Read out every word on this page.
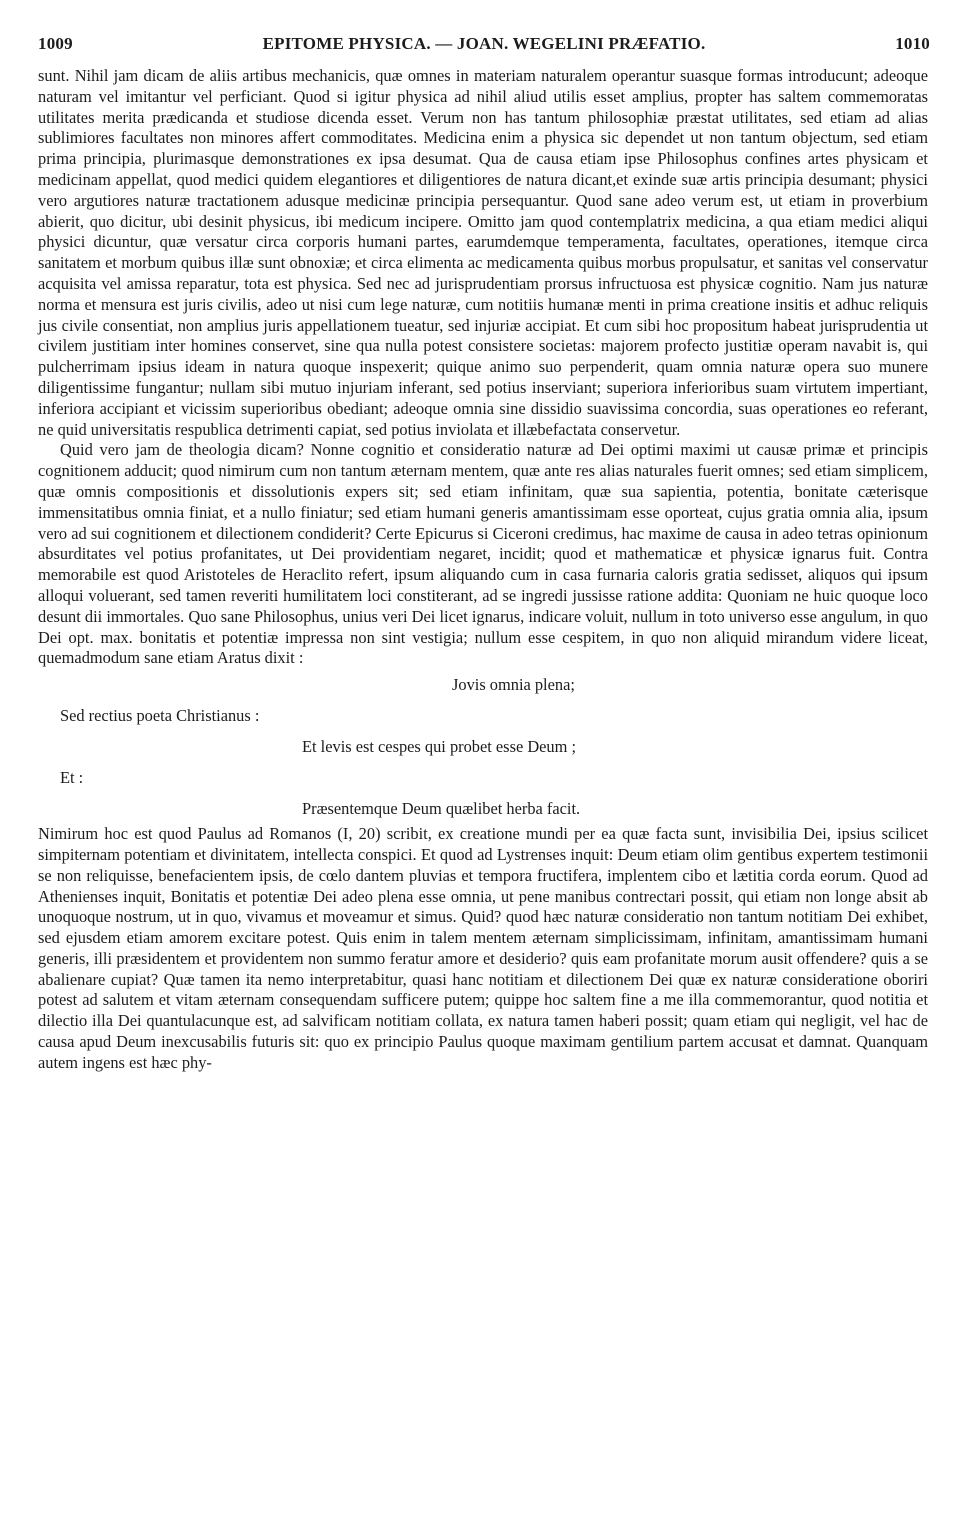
1009	EPITOME PHYSICA. — JOAN. WEGELINI PRÆFATIO.	1010

sunt. Nihil jam dicam de aliis artibus mechanicis, quæ omnes in materiam naturalem operantur suasque formas introducunt; adeoque naturam vel imitantur vel perficiant. Quod si igitur physica ad nihil aliud utilis esset amplius, propter has saltem commemoratas utilitates merita prædicanda et studiose dicenda esset. Verum non has tantum philosophiæ præstat utilitates, sed etiam ad alias sublimiores facultates non minores affert commoditates. Medicina enim a physica sic dependet ut non tantum objectum, sed etiam prima principia, plurimasque demonstrationes ex ipsa desumat. Qua de causa etiam ipse Philosophus confines artes physicam et medicinam appellat, quod medici quidem elegantiores et diligentiores de natura dicant,et exinde suæ artis principia desumant; physici vero argutiores naturæ tractationem adusque medicinæ principia persequantur. Quod sane adeo verum est, ut etiam in proverbium abierit, quo dicitur, ubi desinit physicus, ibi medicum incipere. Omitto jam quod contemplatrix medicina, a qua etiam medici aliqui physici dicuntur, quæ versatur circa corporis humani partes, earumdemque temperamenta, facultates, operationes, itemque circa sanitatem et morbum quibus illæ sunt obnoxiæ; et circa elimenta ac medicamenta quibus morbus propulsatur, et sanitas vel conservatur acquisita vel amissa reparatur, tota est physica. Sed nec ad jurisprudentiam prorsus infructuosa est physicæ cognitio. Nam jus naturæ norma et mensura est juris civilis, adeo ut nisi cum lege naturæ, cum notitiis humanæ menti in prima creatione insitis et adhuc reliquis jus civile consentiat, non amplius juris appellationem tueatur, sed injuriæ accipiat. Et cum sibi hoc propositum habeat jurisprudentia ut civilem justitiam inter homines conservet, sine qua nulla potest consistere societas: majorem profecto justitiæ operam navabit is, qui pulcherrimam ipsius ideam in natura quoque inspexerit; quique animo suo perpenderit, quam omnia naturæ opera suo munere diligentissime fungantur; nullam sibi mutuo injuriam inferant, sed potius inserviant; superiora inferioribus suam virtutem impertiant, inferiora accipiant et vicissim superioribus obediant; adeoque omnia sine dissidio suavissima concordia, suas operationes eo referant, ne quid universitatis respublica detrimenti capiat, sed potius inviolata et illæbefactata conservetur.

Quid vero jam de theologia dicam? Nonne cognitio et consideratio naturæ ad Dei optimi maximi ut causæ primæ et principis cognitionem adducit; quod nimirum cum non tantum æternam mentem, quæ ante res alias naturales fuerit omnes; sed etiam simplicem, quæ omnis compositionis et dissolutionis expers sit; sed etiam infinitam, quæ sua sapientia, potentia, bonitate cæterisque immensitatibus omnia finiat, et a nullo finiatur; sed etiam humani generis amantissimam esse oporteat, cujus gratia omnia alia, ipsum vero ad sui cognitionem et dilectionem condiderit? Certe Epicurus si Ciceroni credimus, hac maxime de causa in adeo tetras opinionum absurditates vel potius profanitates, ut Dei providentiam negaret, incidit; quod et mathematicæ et physicæ ignarus fuit. Contra memorabile est quod Aristoteles de Heraclito refert, ipsum aliquando cum in casa furnaria caloris gratia sedisset, aliquos qui ipsum alloqui voluerant, sed tamen reveriti humilitatem loci constiterant, ad se ingredi jussisse ratione addita: Quoniam ne huic quoque loco desunt dii immortales. Quo sane Philosophus, unius veri Dei licet ignarus, indicare voluit, nullum in toto universo esse angulum, in quo Dei opt. max. bonitatis et potentiæ impressa non sint vestigia; nullum esse cespitem, in quo non aliquid mirandum videre liceat, quemadmodum sane etiam Aratus dixit :

Jovis omnia plena;

Sed rectius poeta Christianus :

Et levis est cespes qui probet esse Deum ;

Et :

Præsentemque Deum quælibet herba facit.

Nimirum hoc est quod Paulus ad Romanos (I, 20) scribit, ex creatione mundi per ea quæ facta sunt, invisibilia Dei, ipsius scilicet simpiternam potentiam et divinitatem, intellecta conspici. Et quod ad Lystrenses inquit: Deum etiam olim gentibus expertem testimonii se non reliquisse, benefacientem ipsis, de cœlo dantem pluvias et tempora fructifera, implentem cibo et lætitia corda eorum. Quod ad Athenienses inquit, Bonitatis et potentiæ Dei adeo plena esse omnia, ut pene manibus contrectari possit, qui etiam non longe absit ab unoquoque nostrum, ut in quo, vivamus et moveamur et simus. Quid? quod hæc naturæ consideratio non tantum notitiam Dei exhibet, sed ejusdem etiam amorem excitare potest. Quis enim in talem mentem æternam simplicissimam, infinitam, amantissimam humani generis, illi præsidentem et providentem non summo feratur amore et desiderio? quis eam profanitate morum ausit offendere? quis a se abalienare cupiat? Quæ tamen ita nemo interpretabitur, quasi hanc notitiam et dilectionem Dei quæ ex naturæ consideratione oboriri potest ad salutem et vitam æternam consequendam sufficere putem; quippe hoc saltem fine a me illa commemorantur, quod notitia et dilectio illa Dei quantulacunque est, ad salvificam notitiam collata, ex natura tamen haberi possit; quam etiam qui negligit, vel hac de causa apud Deum inexcusabilis futuris sit: quo ex principio Paulus quoque maximam gentilium partem accusat et damnat. Quanquam autem ingens est hæc phy-
